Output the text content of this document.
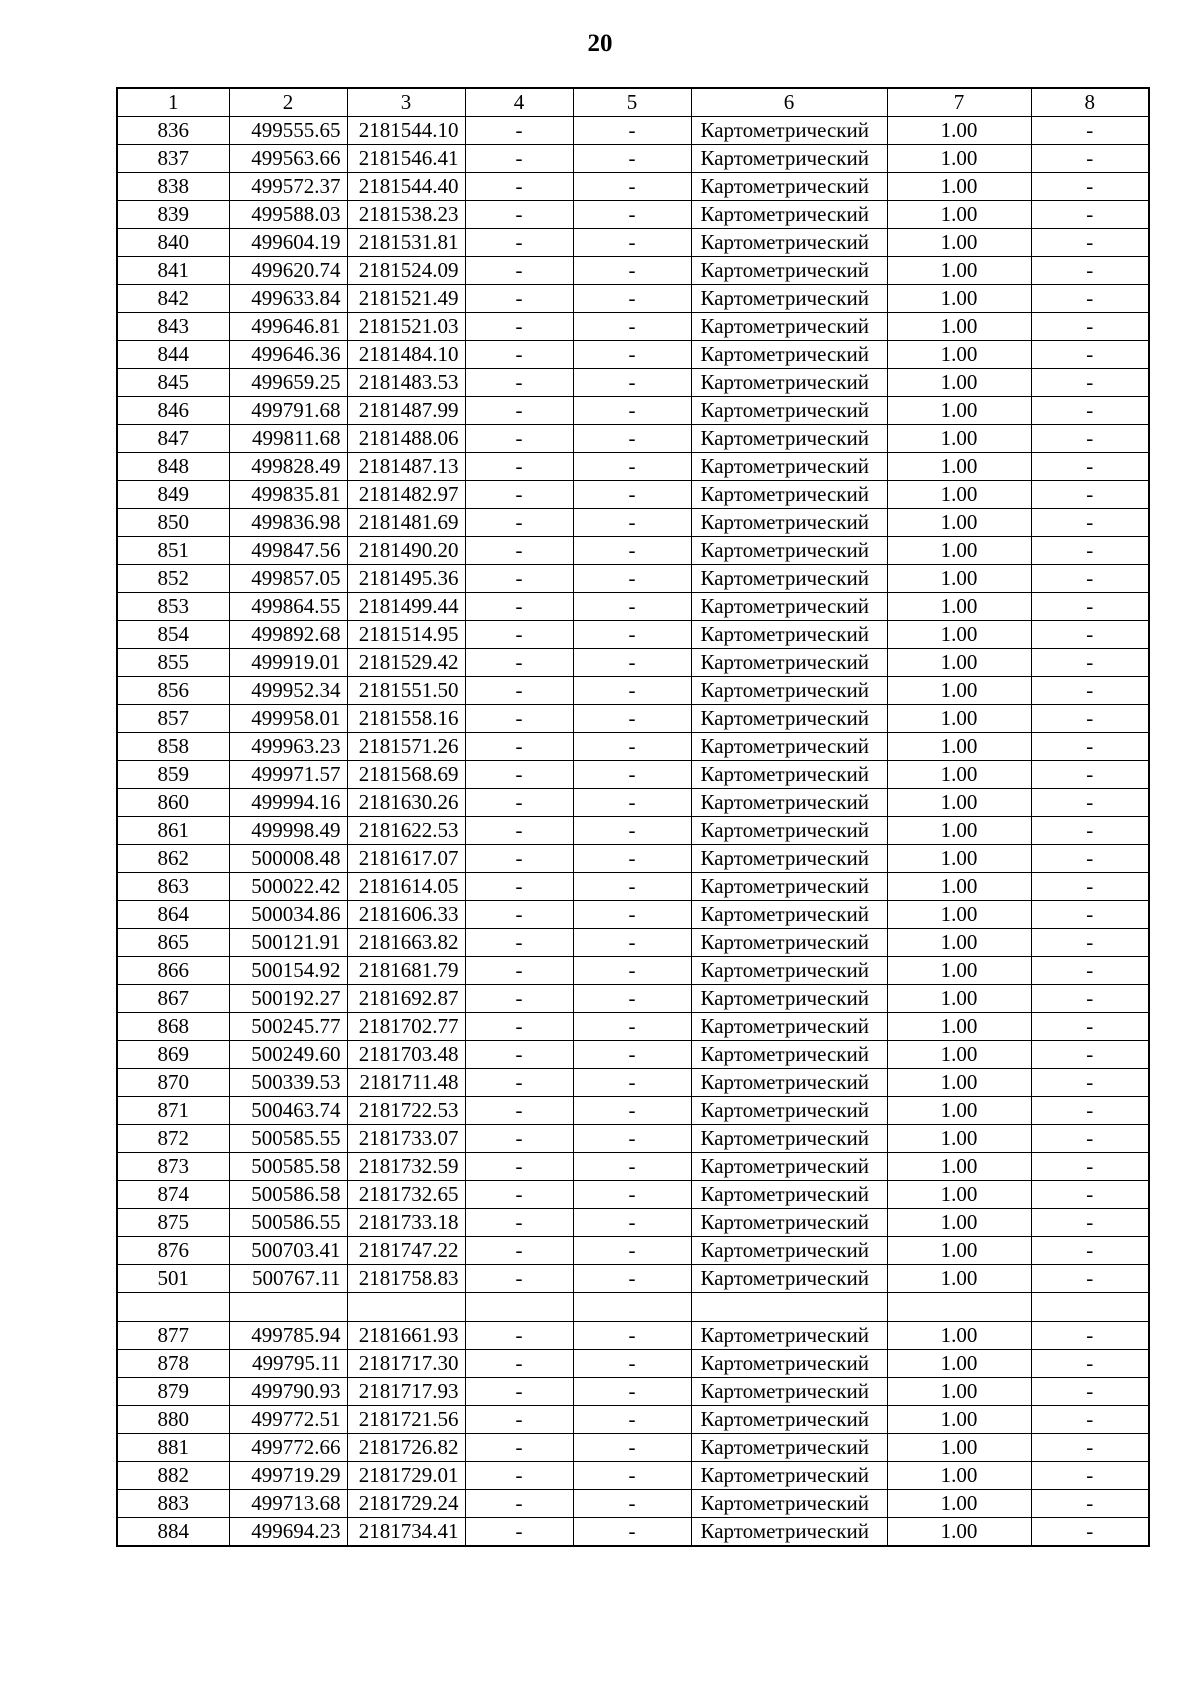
20
1	2	3	4	5	6	7	8
836	499555.65	2181544.10	-	-	Картометрический	1.00	-
837	499563.66	2181546.41	-	-	Картометрический	1.00	-
838	499572.37	2181544.40	-	-	Картометрический	1.00	-
839	499588.03	2181538.23	-	-	Картометрический	1.00	-
840	499604.19	2181531.81	-	-	Картометрический	1.00	-
841	499620.74	2181524.09	-	-	Картометрический	1.00	-
842	499633.84	2181521.49	-	-	Картометрический	1.00	-
843	499646.81	2181521.03	-	-	Картометрический	1.00	-
844	499646.36	2181484.10	-	-	Картометрический	1.00	-
845	499659.25	2181483.53	-	-	Картометрический	1.00	-
846	499791.68	2181487.99	-	-	Картометрический	1.00	-
847	499811.68	2181488.06	-	-	Картометрический	1.00	-
848	499828.49	2181487.13	-	-	Картометрический	1.00	-
849	499835.81	2181482.97	-	-	Картометрический	1.00	-
850	499836.98	2181481.69	-	-	Картометрический	1.00	-
851	499847.56	2181490.20	-	-	Картометрический	1.00	-
852	499857.05	2181495.36	-	-	Картометрический	1.00	-
853	499864.55	2181499.44	-	-	Картометрический	1.00	-
854	499892.68	2181514.95	-	-	Картометрический	1.00	-
855	499919.01	2181529.42	-	-	Картометрический	1.00	-
856	499952.34	2181551.50	-	-	Картометрический	1.00	-
857	499958.01	2181558.16	-	-	Картометрический	1.00	-
858	499963.23	2181571.26	-	-	Картометрический	1.00	-
859	499971.57	2181568.69	-	-	Картометрический	1.00	-
860	499994.16	2181630.26	-	-	Картометрический	1.00	-
861	499998.49	2181622.53	-	-	Картометрический	1.00	-
862	500008.48	2181617.07	-	-	Картометрический	1.00	-
863	500022.42	2181614.05	-	-	Картометрический	1.00	-
864	500034.86	2181606.33	-	-	Картометрический	1.00	-
865	500121.91	2181663.82	-	-	Картометрический	1.00	-
866	500154.92	2181681.79	-	-	Картометрический	1.00	-
867	500192.27	2181692.87	-	-	Картометрический	1.00	-
868	500245.77	2181702.77	-	-	Картометрический	1.00	-
869	500249.60	2181703.48	-	-	Картометрический	1.00	-
870	500339.53	2181711.48	-	-	Картометрический	1.00	-
871	500463.74	2181722.53	-	-	Картометрический	1.00	-
872	500585.55	2181733.07	-	-	Картометрический	1.00	-
873	500585.58	2181732.59	-	-	Картометрический	1.00	-
874	500586.58	2181732.65	-	-	Картометрический	1.00	-
875	500586.55	2181733.18	-	-	Картометрический	1.00	-
876	500703.41	2181747.22	-	-	Картометрический	1.00	-
501	500767.11	2181758.83	-	-	Картометрический	1.00	-

877	499785.94	2181661.93	-	-	Картометрический	1.00	-
878	499795.11	2181717.30	-	-	Картометрический	1.00	-
879	499790.93	2181717.93	-	-	Картометрический	1.00	-
880	499772.51	2181721.56	-	-	Картометрический	1.00	-
881	499772.66	2181726.82	-	-	Картометрический	1.00	-
882	499719.29	2181729.01	-	-	Картометрический	1.00	-
883	499713.68	2181729.24	-	-	Картометрический	1.00	-
884	499694.23	2181734.41	-	-	Картометрический	1.00	-
